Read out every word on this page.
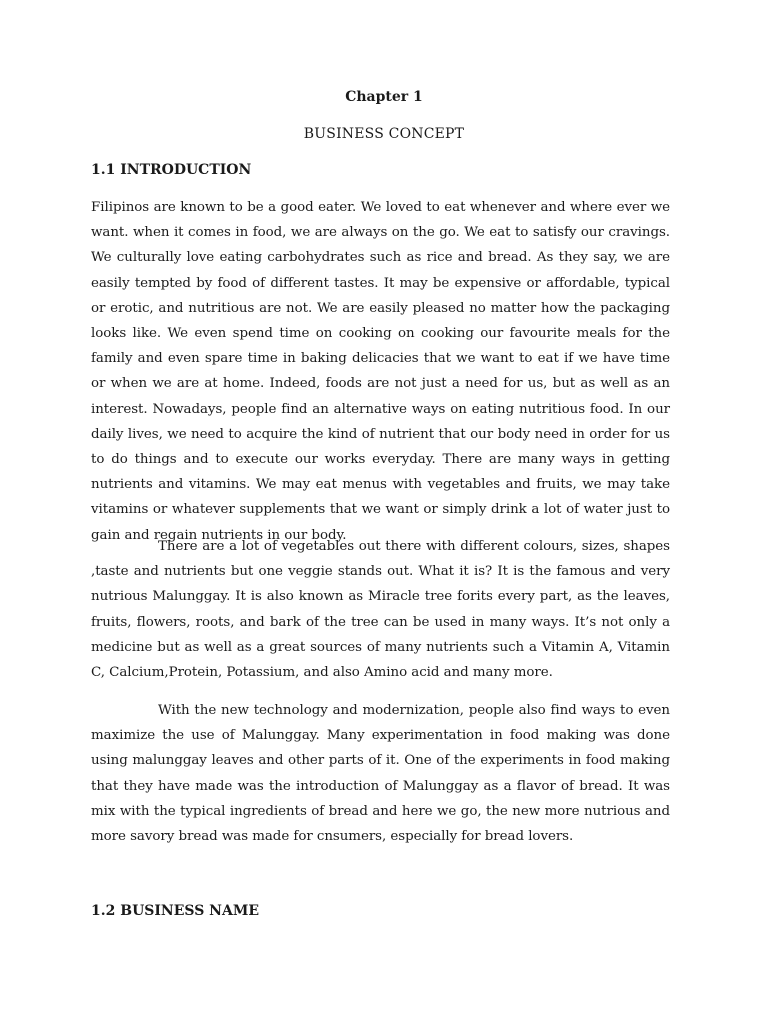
Chapter 1
BUSINESS CONCEPT
1.1 INTRODUCTION
Filipinos are known to be a good eater. We loved to eat whenever and where ever we want. when it comes in food, we are always on the go. We eat to satisfy our cravings. We culturally love eating carbohydrates such as rice and bread. As they say, we are easily tempted by food of different tastes. It may be expensive or affordable, typical or erotic, and nutritious are not. We are easily pleased no matter how the packaging looks like. We even spend time on cooking on cooking our favourite meals for the family and even spare time in baking delicacies that we want to eat if we have time or when we are at home. Indeed, foods are not just a need for us, but as well as an interest. Nowadays, people find an alternative ways on eating nutritious food. In our daily lives, we need to acquire the kind of nutrient that our body need in order for us to do things and to execute our works everyday. There are many ways in getting nutrients and vitamins. We may eat menus with vegetables and fruits, we may take vitamins or whatever supplements that we want or simply drink a lot of water just to gain and regain nutrients in our body.
There are a lot of vegetables out there with different colours, sizes, shapes ,taste and nutrients but one veggie stands out. What it is? It is the famous and very nutrious Malunggay. It is also known as Miracle tree forits every part, as the leaves, fruits, flowers, roots, and bark of the tree can be used in many ways. It’s not only a medicine but as well as a great sources of many nutrients such a Vitamin A, Vitamin C, Calcium,Protein, Potassium, and also Amino acid and many more.
With the new technology and modernization, people also find ways to even maximize the use of Malunggay. Many experimentation in food making was done using malunggay leaves and other parts of it. One of the experiments in food making that they have made was the introduction of Malunggay as a flavor of bread. It was mix with the typical ingredients of bread and here we go, the new more nutrious and more savory bread was made for cnsumers, especially for bread lovers.
1.2 BUSINESS NAME
